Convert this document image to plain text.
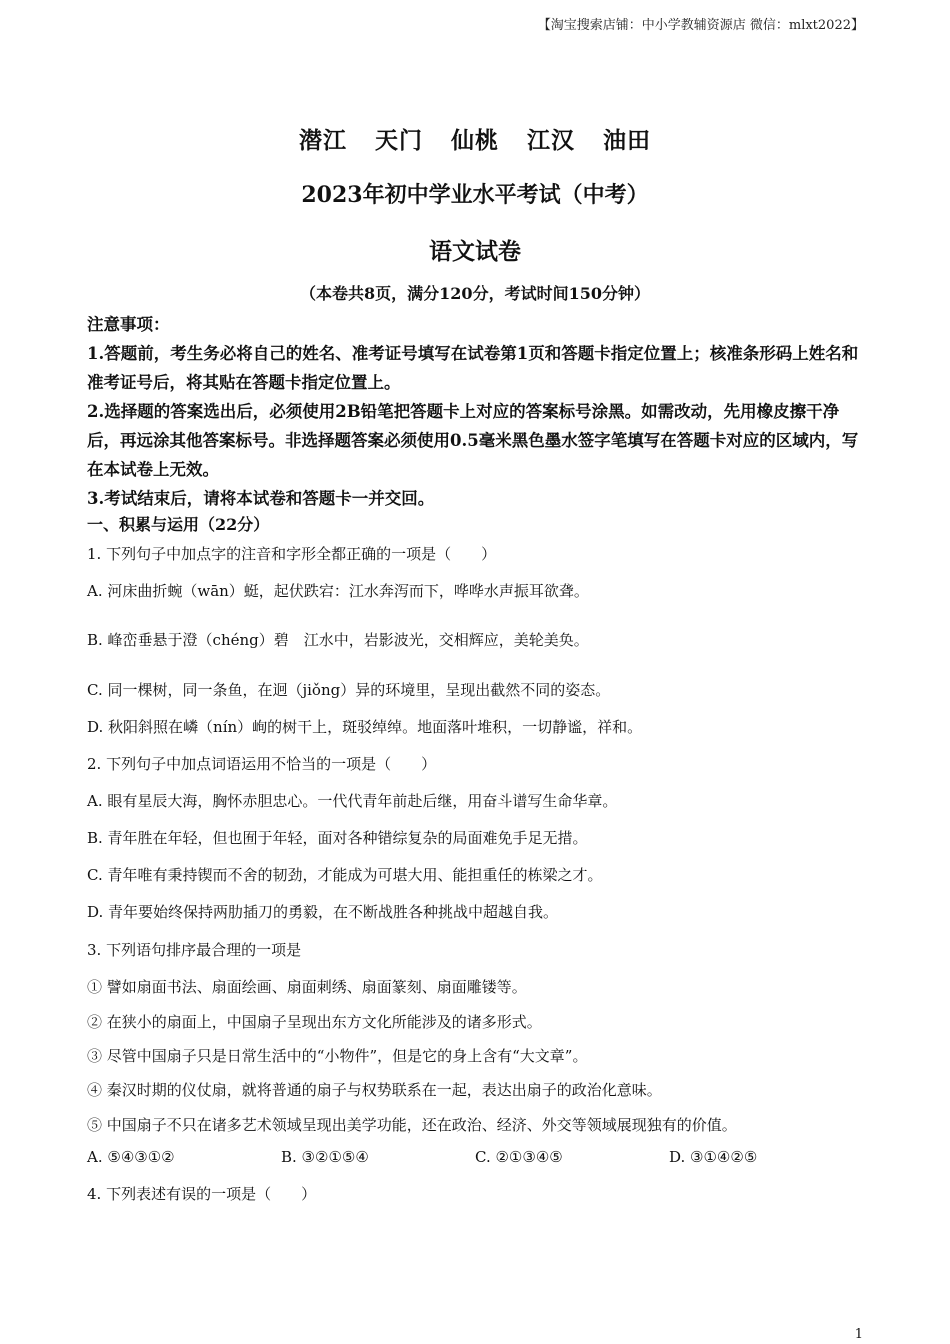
【淘宝搜索店铺：中小学教辅资源店 微信：mlxt2022】
潜江 天门 仙桃 江汉 油田
2023年初中学业水平考试（中考）
语文试卷
（本卷共8页，满分120分，考试时间150分钟）

注意事项：

1.答题前，考生务必将自己的姓名、准考证号填写在试卷第1页和答题卡指定位置上；核准条形码上姓名和准考证号后，将其贴在答题卡指定位置上。

2.选择题的答案选出后，必须使用2B铅笔把答题卡上对应的答案标号涂黑。如需改动，先用橡皮擦干净后，再远涂其他答案标号。非选择题答案必须使用0.5毫米黑色墨水签字笔填写在答题卡对应的区域内，写在本试卷上无效。

3.考试结束后，请将本试卷和答题卡一并交回。

一、积累与运用（22分）
1. 下列句子中加点字的注音和字形全都正确的一项是（　　）
A. 河床曲折蜿（wān）蜓，起伏跌宕：江水奔泻而下，哗哗水声振耳欲聋。
B. 峰峦垂悬于澄（chéng）碧　江水中，岩影波光，交相辉应，美轮美奂。
C. 同一棵树，同一条鱼，在迥（jiǒng）异的环境里，呈现出截然不同的姿态。
D. 秋阳斜照在嶙（nín）峋的树干上，斑驳绰绰。地面落叶堆积，一切静谧，祥和。
2. 下列句子中加点词语运用不恰当的一项是（　　）
A. 眼有星辰大海，胸怀赤胆忠心。一代代青年前赴后继，用奋斗谱写生命华章。
B. 青年胜在年轻，但也囿于年轻，面对各种错综复杂的局面难免手足无措。
C. 青年唯有秉持锲而不舍的韧劲，才能成为可堪大用、能担重任的栋梁之才。
D. 青年要始终保持两肋插刀的勇毅，在不断战胜各种挑战中超越自我。
3. 下列语句排序最合理的一项是
① 譬如扇面书法、扇面绘画、扇面刺绣、扇面篆刻、扇面雕镂等。
② 在狭小的扇面上，中国扇子呈现出东方文化所能涉及的诸多形式。
③ 尽管中国扇子只是日常生活中的“小物件”，但是它的身上含有“大文章”。
④ 秦汉时期的仪仗扇，就将普通的扇子与权势联系在一起，表达出扇子的政治化意味。
⑤ 中国扇子不只在诸多艺术领域呈现出美学功能，还在政治、经济、外交等领域展现独有的价值。
A. ⑤④③①②	B. ③②①⑤④	C. ②①③④⑤	D. ③①④②⑤
4. 下列表述有误的一项是（　　）
1
